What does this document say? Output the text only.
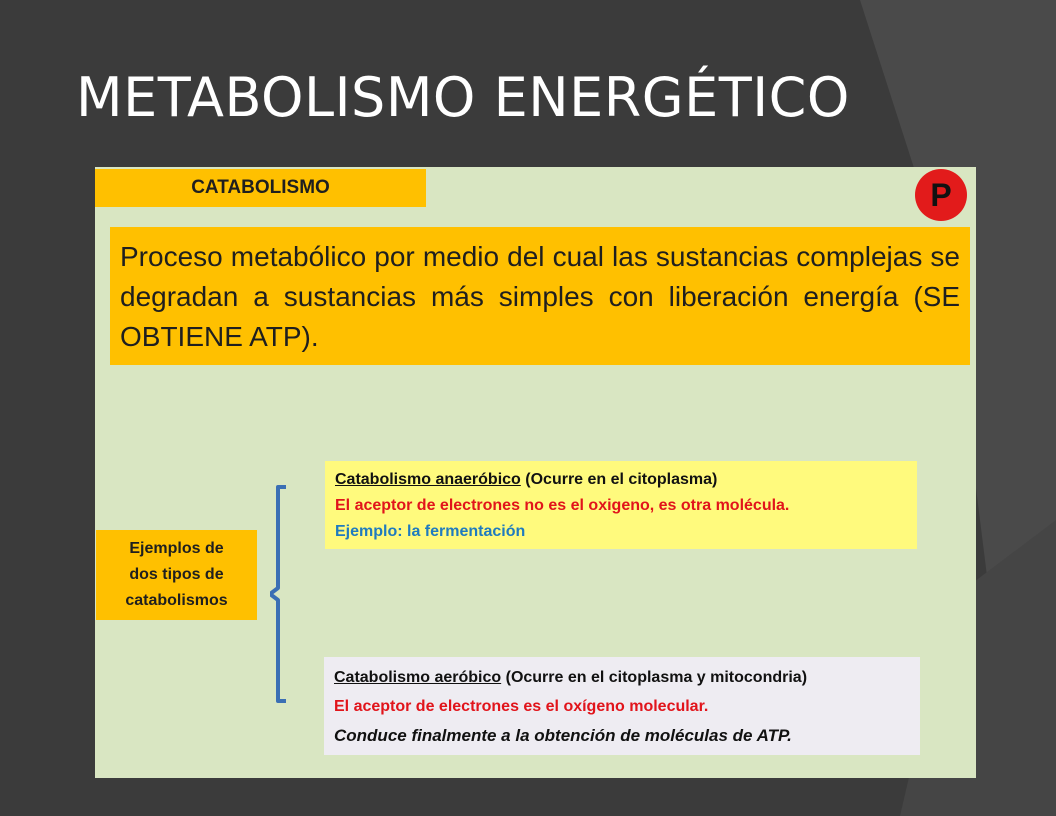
METABOLISMO ENERGÉTICO
CATABOLISMO	P

Proceso metabólico por medio del cual las sustancias complejas se degradan a sustancias más simples con liberación energía (SE OBTIENE ATP).

Ejemplos de
dos tipos de
catabolismos
Catabolismo anaeróbico (Ocurre en el citoplasma)
El aceptor de electrones no es el oxigeno, es otra molécula.
Ejemplo: la fermentación
Catabolismo aeróbico (Ocurre en el citoplasma y mitocondria)
El aceptor de electrones es el oxígeno molecular.
Conduce finalmente a la obtención de moléculas de ATP.
